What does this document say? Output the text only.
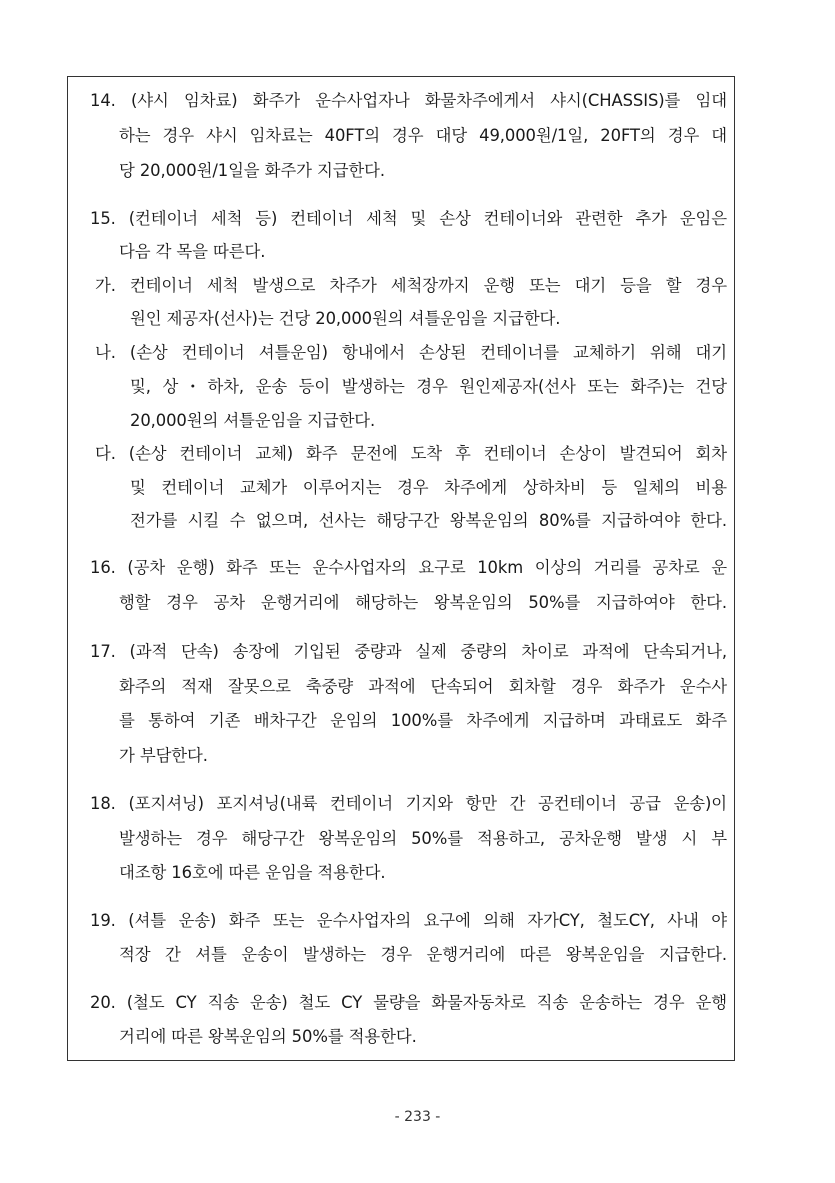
14. (샤시 임차료) 화주가 운수사업자나 화물차주에게서 샤시(CHASSIS)를 임대
하는 경우 샤시 임차료는 40FT의 경우 대당 49,000원/1일, 20FT의 경우 대
당 20,000원/1일을 화주가 지급한다.
15. (컨테이너 세척 등) 컨테이너 세척 및 손상 컨테이너와 관련한 추가 운임은
다음 각 목을 따른다.
가. 컨테이너 세척 발생으로 차주가 세척장까지 운행 또는 대기 등을 할 경우
원인 제공자(선사)는 건당 20,000원의 셔틀운임을 지급한다.
나. (손상 컨테이너 셔틀운임) 항내에서 손상된 컨테이너를 교체하기 위해 대기
및, 상・하차, 운송 등이 발생하는 경우 원인제공자(선사 또는 화주)는 건당
20,000원의 셔틀운임을 지급한다.
다. (손상 컨테이너 교체) 화주 문전에 도착 후 컨테이너 손상이 발견되어 회차
및 컨테이너 교체가 이루어지는 경우 차주에게 상하차비 등 일체의 비용
전가를 시킬 수 없으며, 선사는 해당구간 왕복운임의 80%를 지급하여야 한다.
16. (공차 운행) 화주 또는 운수사업자의 요구로 10km 이상의 거리를 공차로 운
행할 경우 공차 운행거리에 해당하는 왕복운임의 50%를 지급하여야 한다.
17. (과적 단속) 송장에 기입된 중량과 실제 중량의 차이로 과적에 단속되거나,
화주의 적재 잘못으로 축중량 과적에 단속되어 회차할 경우 화주가 운수사
를 통하여 기존 배차구간 운임의 100%를 차주에게 지급하며 과태료도 화주
가 부담한다.
18. (포지셔닝) 포지셔닝(내륙 컨테이너 기지와 항만 간 공컨테이너 공급 운송)이
발생하는 경우 해당구간 왕복운임의 50%를 적용하고, 공차운행 발생 시 부
대조항 16호에 따른 운임을 적용한다.
19. (셔틀 운송) 화주 또는 운수사업자의 요구에 의해 자가CY, 철도CY, 사내 야
적장 간 셔틀 운송이 발생하는 경우 운행거리에 따른 왕복운임을 지급한다.
20. (철도 CY 직송 운송) 철도 CY 물량을 화물자동차로 직송 운송하는 경우 운행
거리에 따른 왕복운임의 50%를 적용한다.
- 233 -
